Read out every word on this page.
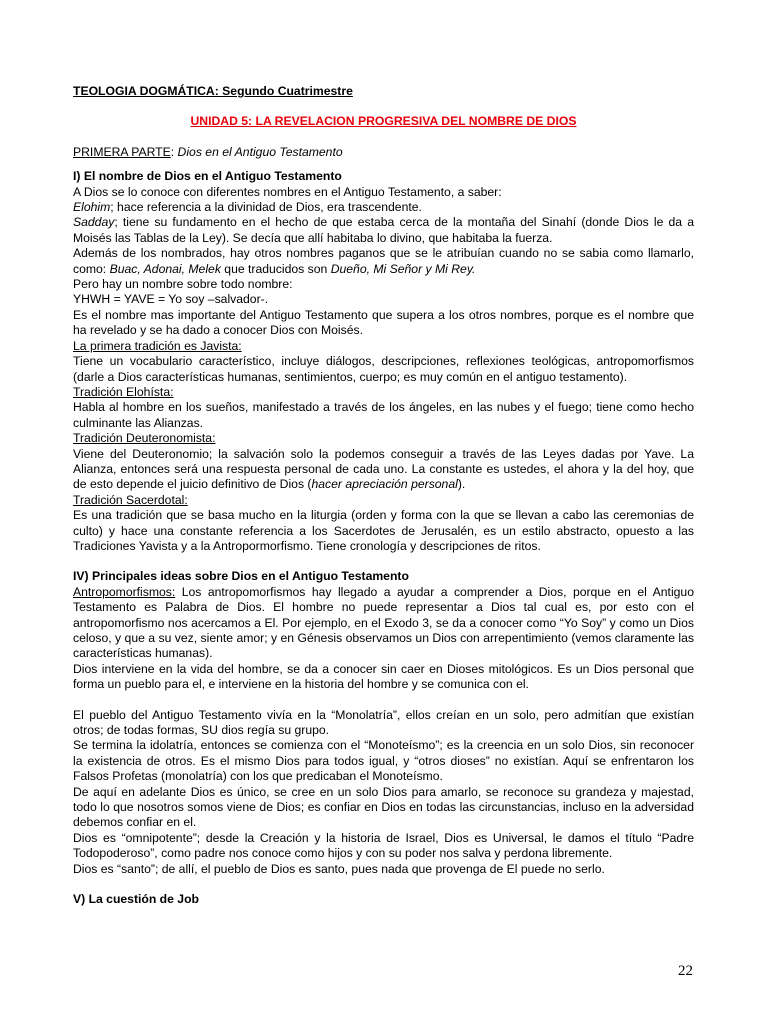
TEOLOGIA DOGMÁTICA: Segundo Cuatrimestre
UNIDAD 5: LA REVELACION PROGRESIVA DEL NOMBRE DE DIOS
PRIMERA PARTE: Dios en el Antiguo Testamento
I) El nombre de Dios en el Antiguo Testamento
A Dios se lo conoce con diferentes nombres en el Antiguo Testamento, a saber:
Elohim; hace referencia a la divinidad de Dios, era trascendente.
Sadday; tiene su fundamento en el hecho de que estaba cerca de la montaña del Sinahí (donde Dios le da a Moisés las Tablas de la Ley). Se decía que allí habitaba lo divino, que habitaba la fuerza.
Además de los nombrados, hay otros nombres paganos que se le atribuían cuando no se sabia como llamarlo, como: Buac, Adonai, Melek que traducidos son Dueño, Mi Señor y Mi Rey.
Pero hay un nombre sobre todo nombre:
YHWH = YAVE = Yo soy –salvador-.
Es el nombre mas importante del Antiguo Testamento que supera a los otros nombres, porque es el nombre que ha revelado y se ha dado a conocer Dios con Moisés.
La primera tradición es Javista:
Tiene un vocabulario característico, incluye diálogos, descripciones, reflexiones teológicas, antropomorfismos (darle a Dios características humanas, sentimientos, cuerpo; es muy común en el antiguo testamento).
Tradición Elohísta:
Habla al hombre en los sueños, manifestado a través de los ángeles, en las nubes y el fuego; tiene como hecho culminante las Alianzas.
Tradición Deuteronomista:
Viene del Deuteronomio; la salvación solo la podemos conseguir a través de las Leyes dadas por Yave. La Alianza, entonces será una respuesta personal de cada uno. La constante es ustedes, el ahora y la del hoy, que de esto depende el juicio definitivo de Dios (hacer apreciación personal).
Tradición Sacerdotal:
Es una tradición que se basa mucho en la liturgia (orden y forma con la que se llevan a cabo las ceremonias de culto) y hace una constante referencia a los Sacerdotes de Jerusalén, es un estilo abstracto, opuesto a las Tradiciones Yavista y a la Antropormorfismo. Tiene cronología y descripciones de ritos.
IV) Principales ideas sobre Dios en el Antiguo Testamento
Antropomorfismos: Los antropomorfismos hay llegado a ayudar a comprender a Dios, porque en el Antiguo Testamento es Palabra de Dios. El hombre no puede representar a Dios tal cual es, por esto con el antropomorfismo nos acercamos a El. Por ejemplo, en el Exodo 3, se da a conocer como “Yo Soy” y como un Dios celoso, y que a su vez, siente amor; y en Génesis observamos un Dios con arrepentimiento (vemos claramente las características humanas).
Dios interviene en la vida del hombre, se da a conocer sin caer en Dioses mitológicos. Es un Dios personal que forma un pueblo para el, e interviene en la historia del hombre y se comunica con el.
El pueblo del Antiguo Testamento vivía en la “Monolatría”, ellos creían en un solo, pero admitían que existían otros; de todas formas, SU dios regía su grupo.
Se termina la idolatría, entonces se comienza con el “Monoteísmo”; es la creencia en un solo Dios, sin reconocer la existencia de otros. Es el mismo Dios para todos igual, y “otros dioses” no existían. Aquí se enfrentaron los Falsos Profetas (monolatría) con los que predicaban el Monoteísmo.
De aquí en adelante Dios es único, se cree en un solo Dios para amarlo, se reconoce su grandeza y majestad, todo lo que nosotros somos viene de Dios; es confiar en Dios en todas las circunstancias, incluso en la adversidad debemos confiar en el.
Dios es “omnipotente”; desde la Creación y la historia de Israel, Dios es Universal, le damos el título “Padre Todopoderoso”, como padre nos conoce como hijos y con su poder nos salva y perdona libremente.
Dios es “santo”; de allí, el pueblo de Dios es santo, pues nada que provenga de El puede no serlo.
V) La cuestión de Job
22
